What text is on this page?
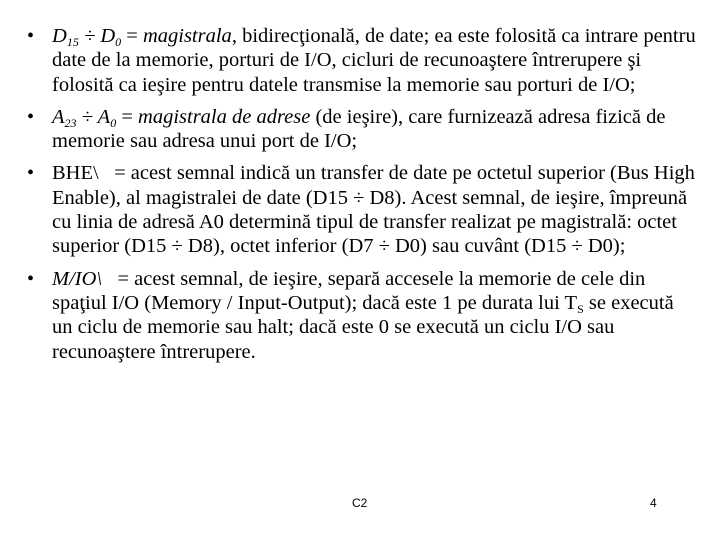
• $D_{15} \div D_0$ = magistrala, bidirecţională, de date; ea este folosită ca intrare pentru date de la memorie, porturi de I/O, cicluri de recunoaştere întrerupere şi folosită ca ieşire pentru datele transmise la memorie sau porturi de I/O;
• $A_{23} \div A_0$ = magistrala de adrese (de ieşire), care furnizează adresa fizică de memorie sau adresa unui port de I/O;
• BHE\   = acest semnal indică un transfer de date pe octetul superior (Bus High Enable), al magistralei de date (D15 ÷ D8). Acest semnal, de ieşire, împreună cu linia de adresă A0 determină tipul de transfer realizat pe magistrală: octet superior (D15 ÷ D8), octet inferior (D7 ÷ D0) sau cuvânt (D15 ÷ D0);
• M/IO\   = acest semnal, de ieşire, separă accesele la memorie de cele din spaţiul I/O (Memory / Input-Output); dacă este 1 pe durata lui $T_S$ se execută un ciclu de memorie sau halt; dacă este 0 se execută un ciclu I/O sau recunoaştere întrerupere.
C2	4
